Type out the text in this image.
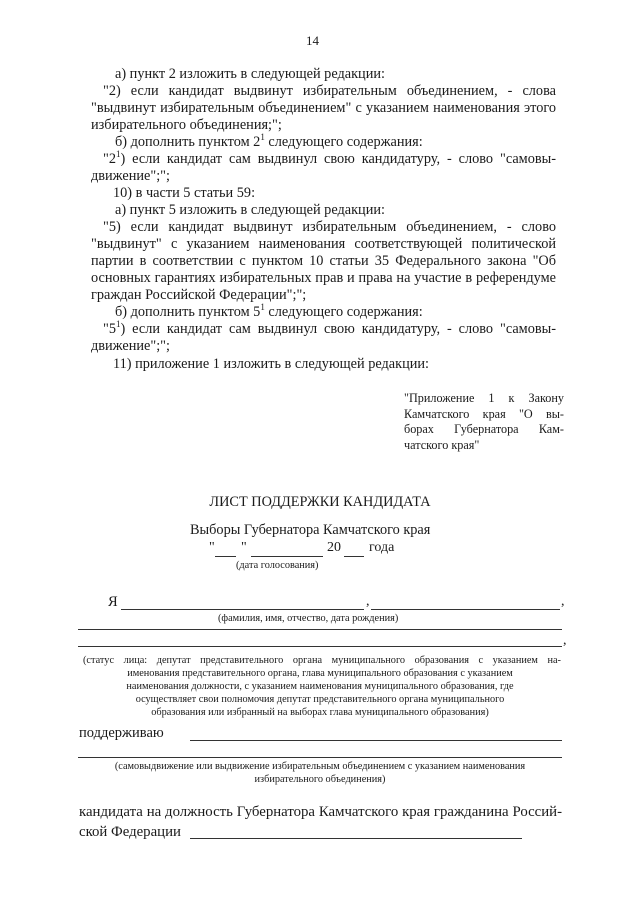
14
а) пункт 2 изложить в следующей редакции:
"2) если кандидат выдвинут избирательным объединением, - слова
"выдвинут избирательным объединением" с указанием наименования этого
избирательного объединения;";
б) дополнить пунктом $2^1$ следующего содержания:
"$2^1$) если кандидат сам выдвинул свою кандидатуру, - слово "самовы-
движение";";
10) в части 5 статьи 59:
а) пункт 5 изложить в следующей редакции:
"5) если кандидат выдвинут избирательным объединением, - слово
"выдвинут" с указанием наименования соответствующей политической
партии в соответствии с пунктом 10 статьи 35 Федерального закона "Об
основных гарантиях избирательных прав и права на участие в референдуме
граждан Российской Федерации";";
б) дополнить пунктом $5^1$ следующего содержания:
"$5^1$) если кандидат сам выдвинул свою кандидатуру, - слово "самовы-
движение";";
11) приложение 1 изложить в следующей редакции:
"Приложение 1 к Закону
Камчатского края "О вы-
борах Губернатора Кам-
чатского края"
ЛИСТ ПОДДЕРЖКИ КАНДИДАТА
Выборы Губернатора Камчатского края
" "	20 года
(дата голосования)
Я	,	,
(фамилия, имя, отчество, дата рождения)
,
(статус лица: депутат представительного органа муниципального образования с указанием на-
именования представительного органа, глава муниципального образования с указанием
наименования должности, с указанием наименования муниципального образования, где
осуществляет свои полномочия депутат представительного органа муниципального
образования или избранный на выборах глава муниципального образования)
поддерживаю
(самовыдвижение или выдвижение избирательным объединением с указанием наименования
избирательного объединения)
кандидата на должность Губернатора Камчатского края гражданина Россий-
ской Федерации
